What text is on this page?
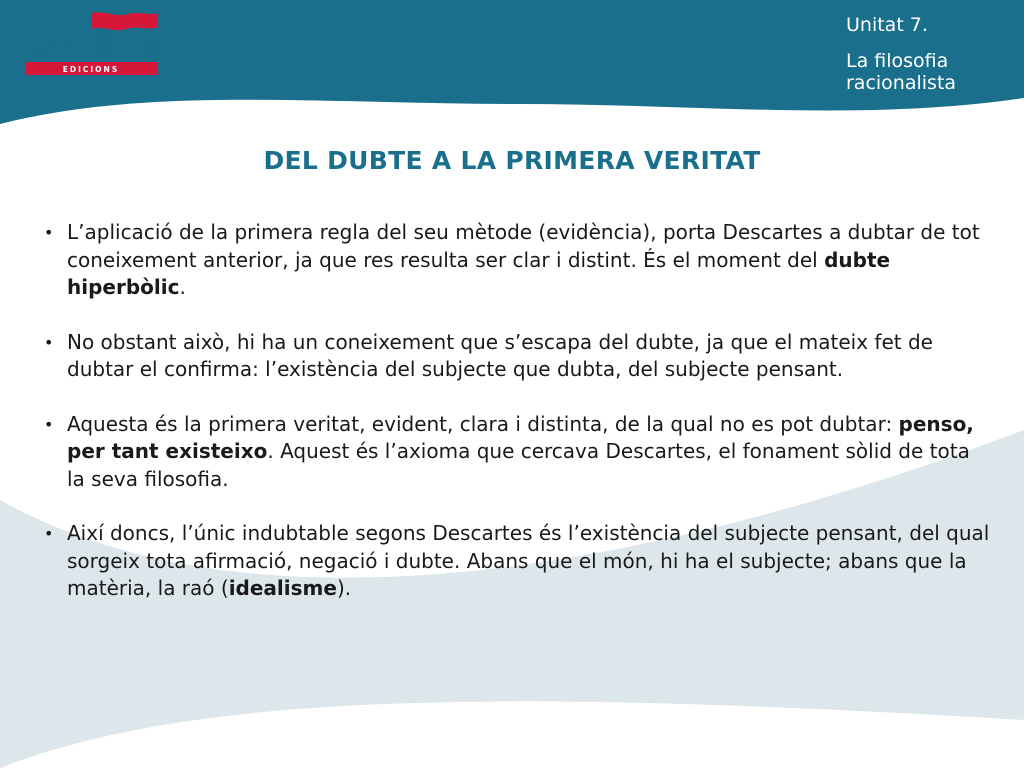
Castellnou
EDICIONS
Unitat 7.
La filosofia racionalista
DEL DUBTE A LA PRIMERA VERITAT
• L’aplicació de la primera regla del seu mètode (evidència), porta Descartes a dubtar de tot coneixement anterior, ja que res resulta ser clar i distint. És el moment del dubte hiperbòlic.
• No obstant això, hi ha un coneixement que s’escapa del dubte, ja que el mateix fet de dubtar el confirma: l’existència del subjecte que dubta, del subjecte pensant.
• Aquesta és la primera veritat, evident, clara i distinta, de la qual no es pot dubtar: penso, per tant existeixo. Aquest és l’axioma que cercava Descartes, el fonament sòlid de tota la seva filosofia.
• Així doncs, l’únic indubtable segons Descartes és l’existència del subjecte pensant, del qual sorgeix tota afirmació, negació i dubte. Abans que el món, hi ha el subjecte; abans que la matèria, la raó (idealisme).
